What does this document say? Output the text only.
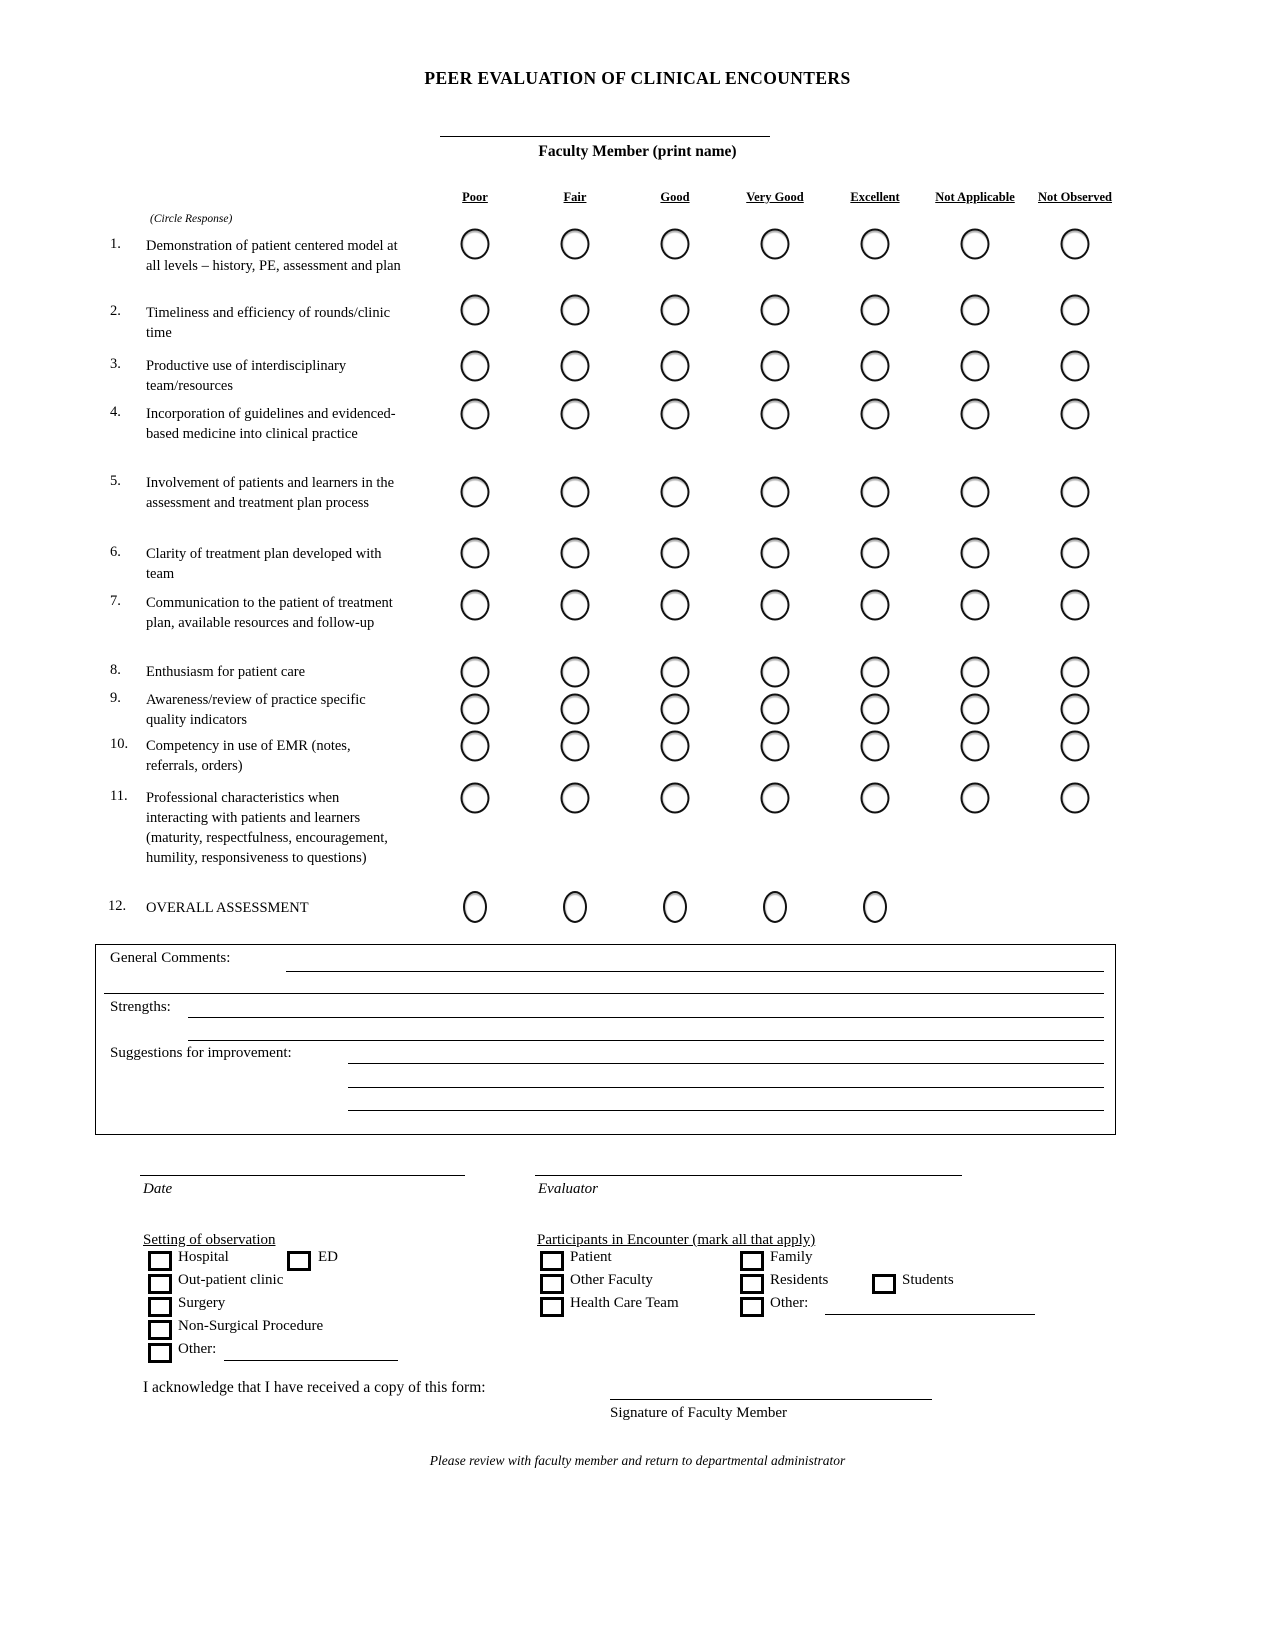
PEER EVALUATION OF CLINICAL ENCOUNTERS
Faculty Member (print name)
Poor	Fair	Good	Very Good	Excellent	Not Applicable Not Observed
(Circle Response)
1. Demonstration of patient centered model at all levels – history, PE, assessment and plan
2. Timeliness and efficiency of rounds/clinic time
3. Productive use of interdisciplinary team/resources
4. Incorporation of guidelines and evidenced-based medicine into clinical practice
5. Involvement of patients and learners in the assessment and treatment plan process
6. Clarity of treatment plan developed with team
7. Communication to the patient of treatment plan, available resources and follow-up
8. Enthusiasm for patient care
9. Awareness/review of practice specific quality indicators
10. Competency in use of EMR (notes, referrals, orders)
11. Professional characteristics when interacting with patients and learners (maturity, respectfulness, encouragement, humility, responsiveness to questions)
12. OVERALL ASSESSMENT
General Comments:
Strengths:
Suggestions for improvement:
Date	Evaluator
Setting of observation
Hospital	ED
Out-patient clinic
Surgery
Non-Surgical Procedure
Other:
Participants in Encounter (mark all that apply)
Patient	Family
Other Faculty	Residents	Students
Health Care Team	Other:
I acknowledge that I have received a copy of this form:
Signature of Faculty Member
Please review with faculty member and return to departmental administrator
